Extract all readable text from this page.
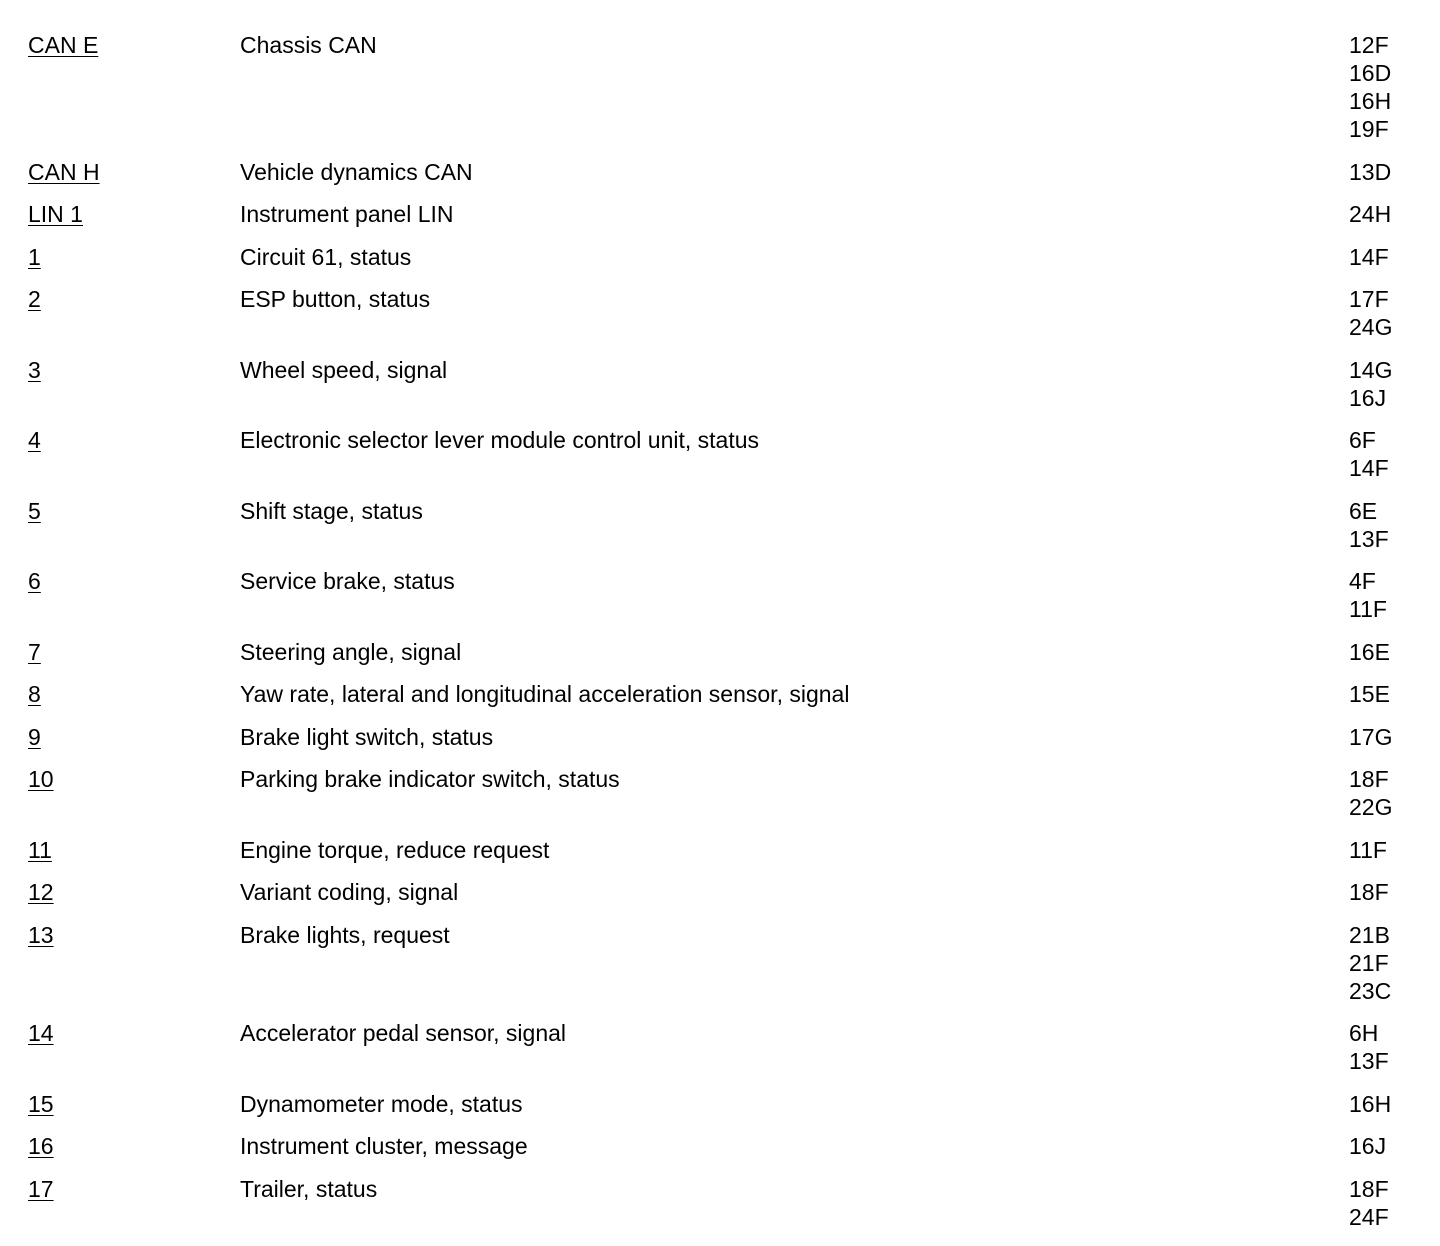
CAN E	Chassis CAN	12F
16D
16H
19F
CAN H	Vehicle dynamics CAN	13D
LIN 1	Instrument panel LIN	24H
1	Circuit 61, status	14F
2	ESP button, status	17F
24G
3	Wheel speed, signal	14G
16J
4	Electronic selector lever module control unit, status	6F
14F
5	Shift stage, status	6E
13F
6	Service brake, status	4F
11F
7	Steering angle, signal	16E
8	Yaw rate, lateral and longitudinal acceleration sensor, signal	15E
9	Brake light switch, status	17G
10	Parking brake indicator switch, status	18F
22G
11	Engine torque, reduce request	11F
12	Variant coding, signal	18F
13	Brake lights, request	21B
21F
23C
14	Accelerator pedal sensor, signal	6H
13F
15	Dynamometer mode, status	16H
16	Instrument cluster, message	16J
17	Trailer, status	18F
24F
